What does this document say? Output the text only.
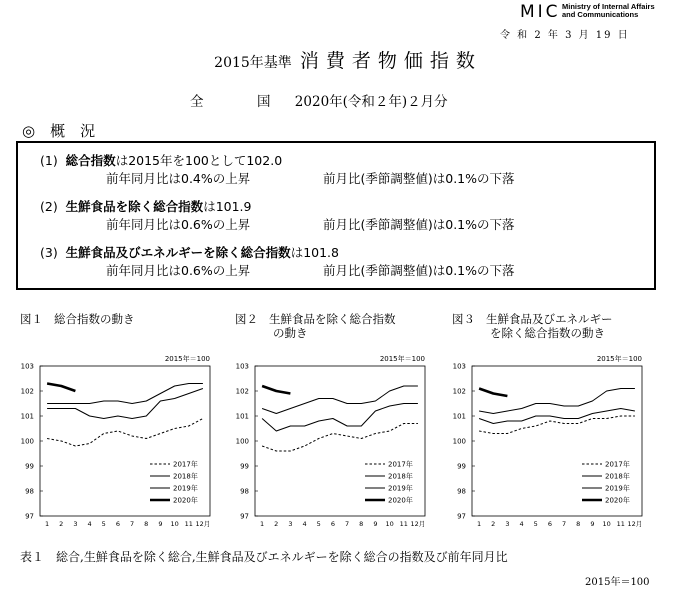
MIC Ministry of Internal Affairs
and Communications
令 和 2 年 3 月 19 日
2015年基準 消費者物価指数
全　国 2020年(令和２年)２月分
◎　概　況
(1) 総合指数は2015年を100として102.0
前年同月比は0.4%の上昇	前月比(季節調整値)は0.1%の下落
(2) 生鮮食品を除く総合指数は101.9
前年同月比は0.6%の上昇	前月比(季節調整値)は0.1%の下落
(3) 生鮮食品及びエネルギーを除く総合指数は101.8
前年同月比は0.6%の上昇	前月比(季節調整値)は0.1%の下落
図１ 総合指数の動き	図２ 生鮮食品を除く総合指数
の動き
図３ 生鮮食品及びエネルギー
を除く総合指数の動き
2015年＝100
97
98
99
100
101
102
103
1 2 3 4 5 6 7 8 9 10 11 12月
2017年
2018年
2019年
2020年
2015年＝100
97
98
99
100
101
102
103
1 2 3 4 5 6 7 8 9 10 11 12月
2017年
2018年
2019年
2020年
2015年＝100
97
98
99
100
101
102
103
1 2 3 4 5 6 7 8 9 10 11 12月
2017年
2018年
2019年
2020年
表１　総合,生鮮食品を除く総合,生鮮食品及びエネルギーを除く総合の指数及び前年同月比
2015年＝100
